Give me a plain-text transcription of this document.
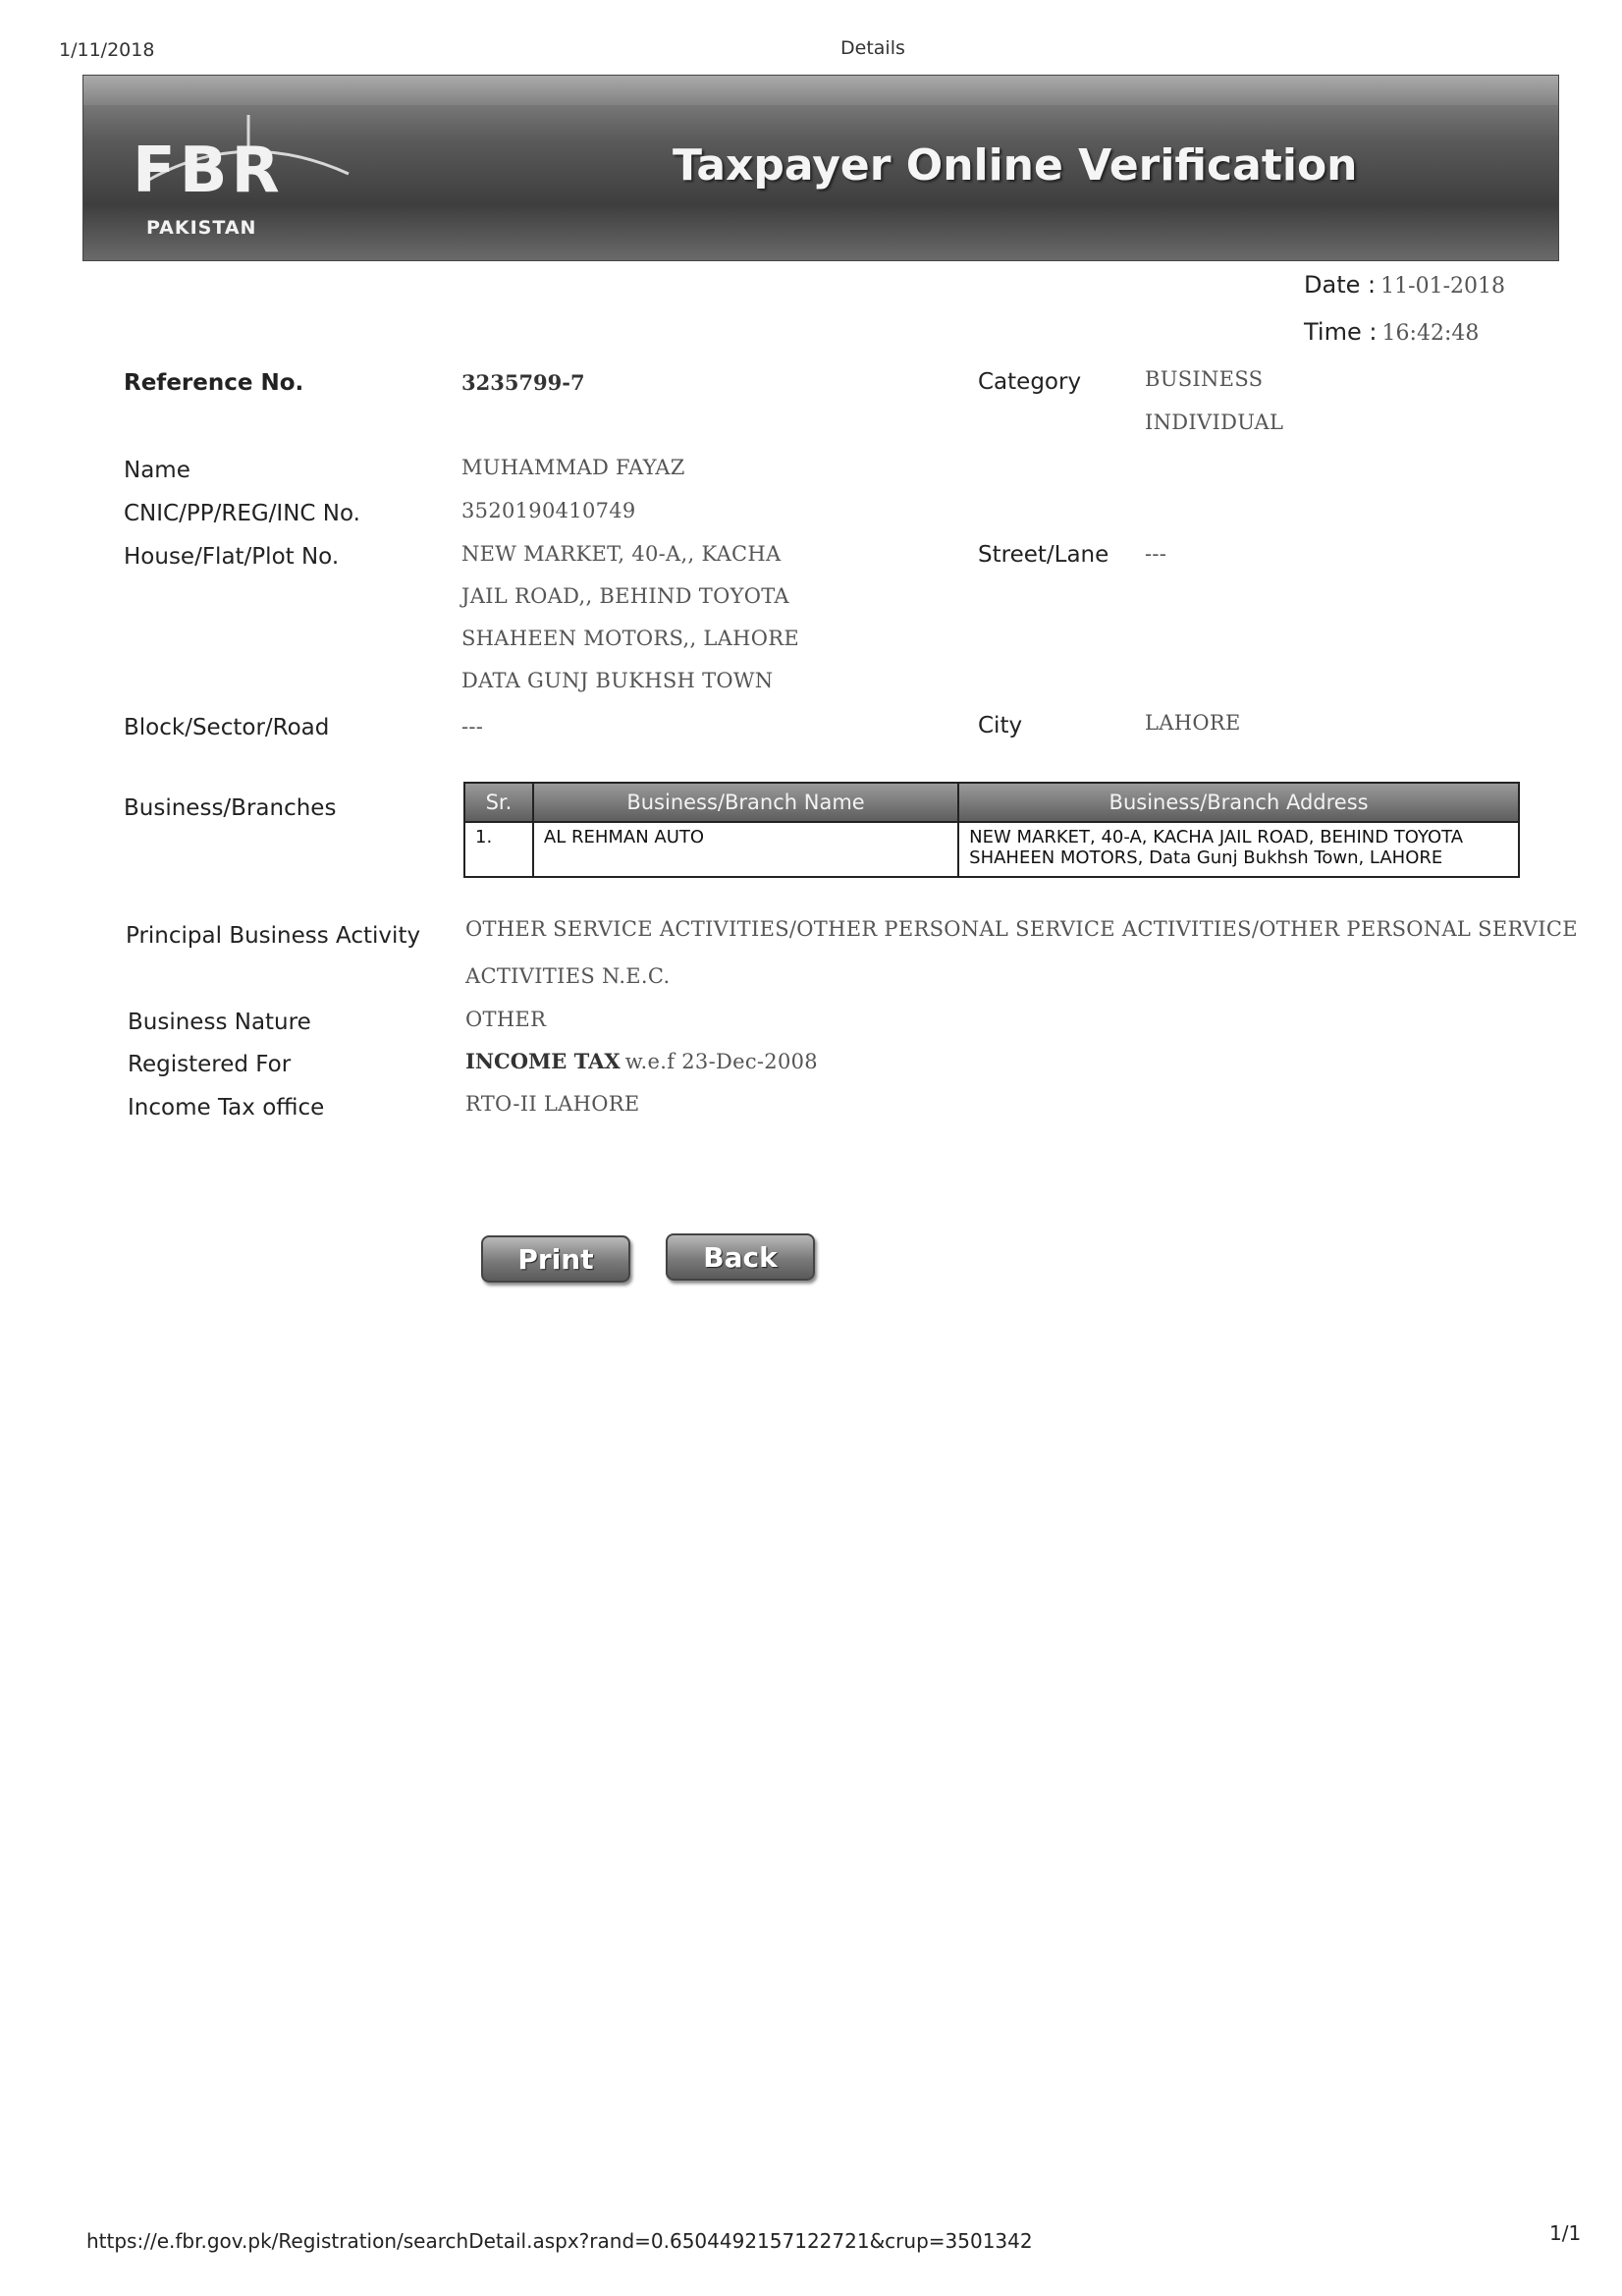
1/11/2018	Details
FBR
PAKISTAN
Taxpayer Online Verification
Date : 11-01-2018
Time : 16:42:48
Reference No.	3235799-7	Category	BUSINESS
INDIVIDUAL
Name	MUHAMMAD FAYAZ
CNIC/PP/REG/INC No.	3520190410749
House/Flat/Plot No.	NEW MARKET, 40-A,, KACHA
JAIL ROAD,, BEHIND TOYOTA
SHAHEEN MOTORS,, LAHORE
DATA GUNJ BUKHSH TOWN
Street/Lane ---
Block/Sector/Road	---	City	LAHORE
Business/Branches	Sr.	Business/Branch Name	Business/Branch Address
1.	AL REHMAN AUTO	NEW MARKET, 40-A, KACHA JAIL ROAD, BEHIND TOYOTA
SHAHEEN MOTORS, Data Gunj Bukhsh Town, LAHORE
Principal Business Activity OTHER SERVICE ACTIVITIES/OTHER PERSONAL SERVICE ACTIVITIES/OTHER PERSONAL SERVICE
ACTIVITIES N.E.C.
Business Nature	OTHER
Registered For	INCOME TAX w.e.f 23-Dec-2008
Income Tax office	RTO-II LAHORE
Print	Back
https://e.fbr.gov.pk/Registration/searchDetail.aspx?rand=0.6504492157122721&crup=3501342	1/1
